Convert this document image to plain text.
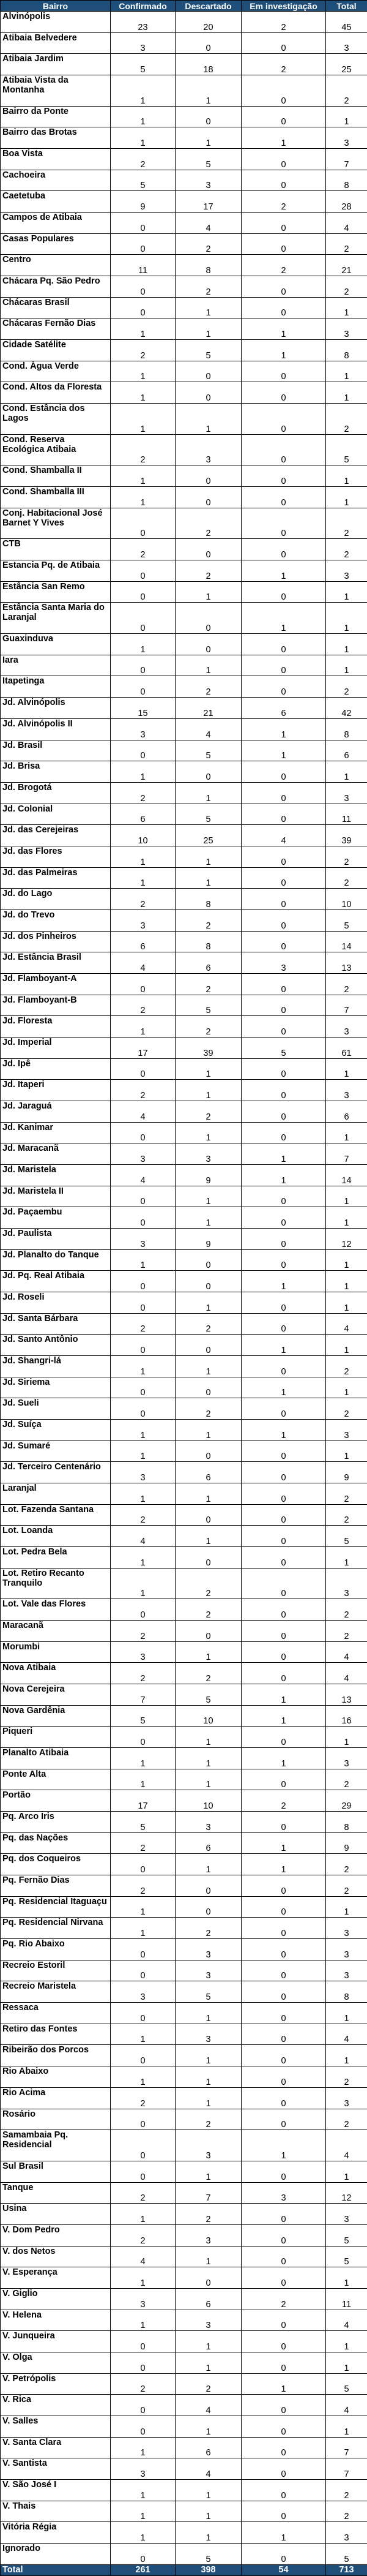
Bairro	Confirmado	Descartado	Em investigação	Total
Alvinópolis	23	20	2	45
Atibaia Belvedere	3	0	0	3
Atibaia Jardim	5	18	2	25
Atibaia Vista da Montanha	1	1	0	2
Bairro da Ponte	1	0	0	1
Bairro das Brotas	1	1	1	3
Boa Vista	2	5	0	7
Cachoeira	5	3	0	8
Caetetuba	9	17	2	28
Campos de Atibaia	0	4	0	4
Casas Populares	0	2	0	2
Centro	11	8	2	21
Chácara Pq. São Pedro	0	2	0	2
Chácaras Brasil	0	1	0	1
Chácaras Fernão Dias	1	1	1	3
Cidade Satélite	2	5	1	8
Cond. Água Verde	1	0	0	1
Cond. Altos da Floresta	1	0	0	1
Cond. Estância dos Lagos	1	1	0	2
Cond. Reserva Ecológica Atibaia	2	3	0	5
Cond. Shamballa II	1	0	0	1
Cond. Shamballa III	1	0	0	1
Conj. Habitacional José Barnet Y Vives	0	2	0	2
CTB	2	0	0	2
Estancia Pq. de Atibaia	0	2	1	3
Estância San Remo	0	1	0	1
Estância Santa Maria do Laranjal	0	0	1	1
Guaxinduva	1	0	0	1
Iara	0	1	0	1
Itapetinga	0	2	0	2
Jd. Alvinópolis	15	21	6	42
Jd. Alvinópolis II	3	4	1	8
Jd. Brasil	0	5	1	6
Jd. Brisa	1	0	0	1
Jd. Brogotá	2	1	0	3
Jd. Colonial	6	5	0	11
Jd. das Cerejeiras	10	25	4	39
Jd. das Flores	1	1	0	2
Jd. das Palmeiras	1	1	0	2
Jd. do Lago	2	8	0	10
Jd. do Trevo	3	2	0	5
Jd. dos Pinheiros	6	8	0	14
Jd. Estância Brasil	4	6	3	13
Jd. Flamboyant-A	0	2	0	2
Jd. Flamboyant-B	2	5	0	7
Jd. Floresta	1	2	0	3
Jd. Imperial	17	39	5	61
Jd. Ipê	0	1	0	1
Jd. Itaperi	2	1	0	3
Jd. Jaraguá	4	2	0	6
Jd. Kanimar	0	1	0	1
Jd. Maracanã	3	3	1	7
Jd. Maristela	4	9	1	14
Jd. Maristela II	0	1	0	1
Jd. Paçaembu	0	1	0	1
Jd. Paulista	3	9	0	12
Jd. Planalto do Tanque	1	0	0	1
Jd. Pq. Real Atibaia	0	0	1	1
Jd. Roseli	0	1	0	1
Jd. Santa Bárbara	2	2	0	4
Jd. Santo Antônio	0	0	1	1
Jd. Shangri-lá	1	1	0	2
Jd. Siriema	0	0	1	1
Jd. Sueli	0	2	0	2
Jd. Suíça	1	1	1	3
Jd. Sumaré	1	0	0	1
Jd. Terceiro Centenário	3	6	0	9
Laranjal	1	1	0	2
Lot. Fazenda Santana	2	0	0	2
Lot. Loanda	4	1	0	5
Lot. Pedra Bela	1	0	0	1
Lot. Retiro Recanto Tranquilo	1	2	0	3
Lot. Vale das Flores	0	2	0	2
Maracanã	2	0	0	2
Morumbi	3	1	0	4
Nova Atibaia	2	2	0	4
Nova Cerejeira	7	5	1	13
Nova Gardênia	5	10	1	16
Piqueri	0	1	0	1
Planalto Atibaia	1	1	1	3
Ponte Alta	1	1	0	2
Portão	17	10	2	29
Pq. Arco Íris	5	3	0	8
Pq. das Nações	2	6	1	9
Pq. dos Coqueiros	0	1	1	2
Pq. Fernão Dias	2	0	0	2
Pq. Residencial Itaguaçu	1	0	0	1
Pq. Residencial Nirvana	1	2	0	3
Pq. Rio Abaixo	0	3	0	3
Recreio Estoril	0	3	0	3
Recreio Maristela	3	5	0	8
Ressaca	0	1	0	1
Retiro das Fontes	1	3	0	4
Ribeirão dos Porcos	0	1	0	1
Rio Abaixo	1	1	0	2
Rio Acima	2	1	0	3
Rosário	0	2	0	2
Samambaia Pq. Residencial	0	3	1	4
Sul Brasil	0	1	0	1
Tanque	2	7	3	12
Usina	1	2	0	3
V. Dom Pedro	2	3	0	5
V. dos Netos	4	1	0	5
V. Esperança	1	0	0	1
V. Giglio	3	6	2	11
V. Helena	1	3	0	4
V. Junqueira	0	1	0	1
V. Olga	0	1	0	1
V. Petrópolis	2	2	1	5
V. Rica	0	4	0	4
V. Salles	0	1	0	1
V. Santa Clara	1	6	0	7
V. Santista	3	4	0	7
V. São José I	1	1	0	2
V. Thais	1	1	0	2
Vitória Régia	1	1	1	3
Ignorado	0	5	0	5
Total	261	398	54	713
